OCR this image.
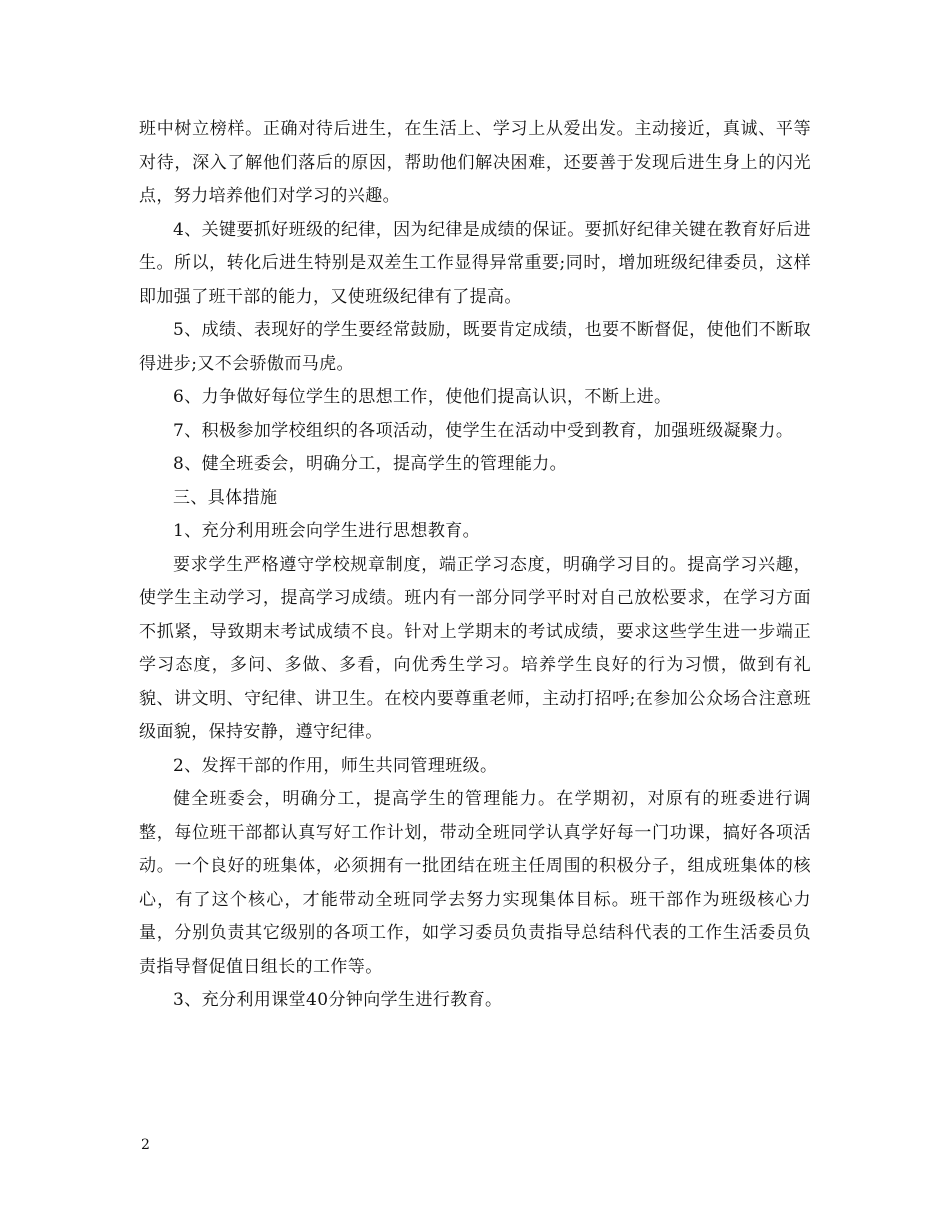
班中树立榜样。正确对待后进生，在生活上、学习上从爱出发。主动接近，真诚、平等对待，深入了解他们落后的原因，帮助他们解决困难，还要善于发现后进生身上的闪光点，努力培养他们对学习的兴趣。

4、关键要抓好班级的纪律，因为纪律是成绩的保证。要抓好纪律关键在教育好后进生。所以，转化后进生特别是双差生工作显得异常重要;同时，增加班级纪律委员，这样即加强了班干部的能力，又使班级纪律有了提高。

5、成绩、表现好的学生要经常鼓励，既要肯定成绩，也要不断督促，使他们不断取得进步;又不会骄傲而马虎。

6、力争做好每位学生的思想工作，使他们提高认识，不断上进。

7、积极参加学校组织的各项活动，使学生在活动中受到教育，加强班级凝聚力。

8、健全班委会，明确分工，提高学生的管理能力。

三、具体措施

1、充分利用班会向学生进行思想教育。

要求学生严格遵守学校规章制度，端正学习态度，明确学习目的。提高学习兴趣，使学生主动学习，提高学习成绩。班内有一部分同学平时对自己放松要求，在学习方面不抓紧，导致期末考试成绩不良。针对上学期末的考试成绩，要求这些学生进一步端正学习态度，多问、多做、多看，向优秀生学习。培养学生良好的行为习惯，做到有礼貌、讲文明、守纪律、讲卫生。在校内要尊重老师，主动打招呼;在参加公众场合注意班级面貌，保持安静，遵守纪律。

2、发挥干部的作用，师生共同管理班级。

健全班委会，明确分工，提高学生的管理能力。在学期初，对原有的班委进行调整，每位班干部都认真写好工作计划，带动全班同学认真学好每一门功课，搞好各项活动。一个良好的班集体，必须拥有一批团结在班主任周围的积极分子，组成班集体的核心，有了这个核心，才能带动全班同学去努力实现集体目标。班干部作为班级核心力量，分别负责其它级别的各项工作，如学习委员负责指导总结科代表的工作生活委员负责指导督促值日组长的工作等。

3、充分利用课堂40分钟向学生进行教育。

2
